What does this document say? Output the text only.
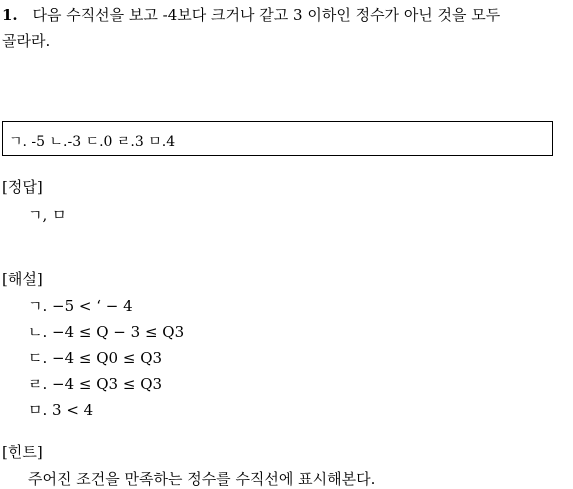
1. 다음 수직선을 보고 -4보다 크거나 같고 3 이하인 정수가 아닌 것을 모두
골라라.
ㄱ. -5 ㄴ.-3 ㄷ.0 ㄹ.3 ㅁ.4
[정답]
ㄱ, ㅁ
[해설]
ㄱ. −5 < ‘ − 4
ㄴ. −4 ≤ Q − 3 ≤ Q3
ㄷ. −4 ≤ Q0 ≤ Q3
ㄹ. −4 ≤ Q3 ≤ Q3
ㅁ. 3 < 4
[힌트]
주어진 조건을 만족하는 정수를 수직선에 표시해본다.
